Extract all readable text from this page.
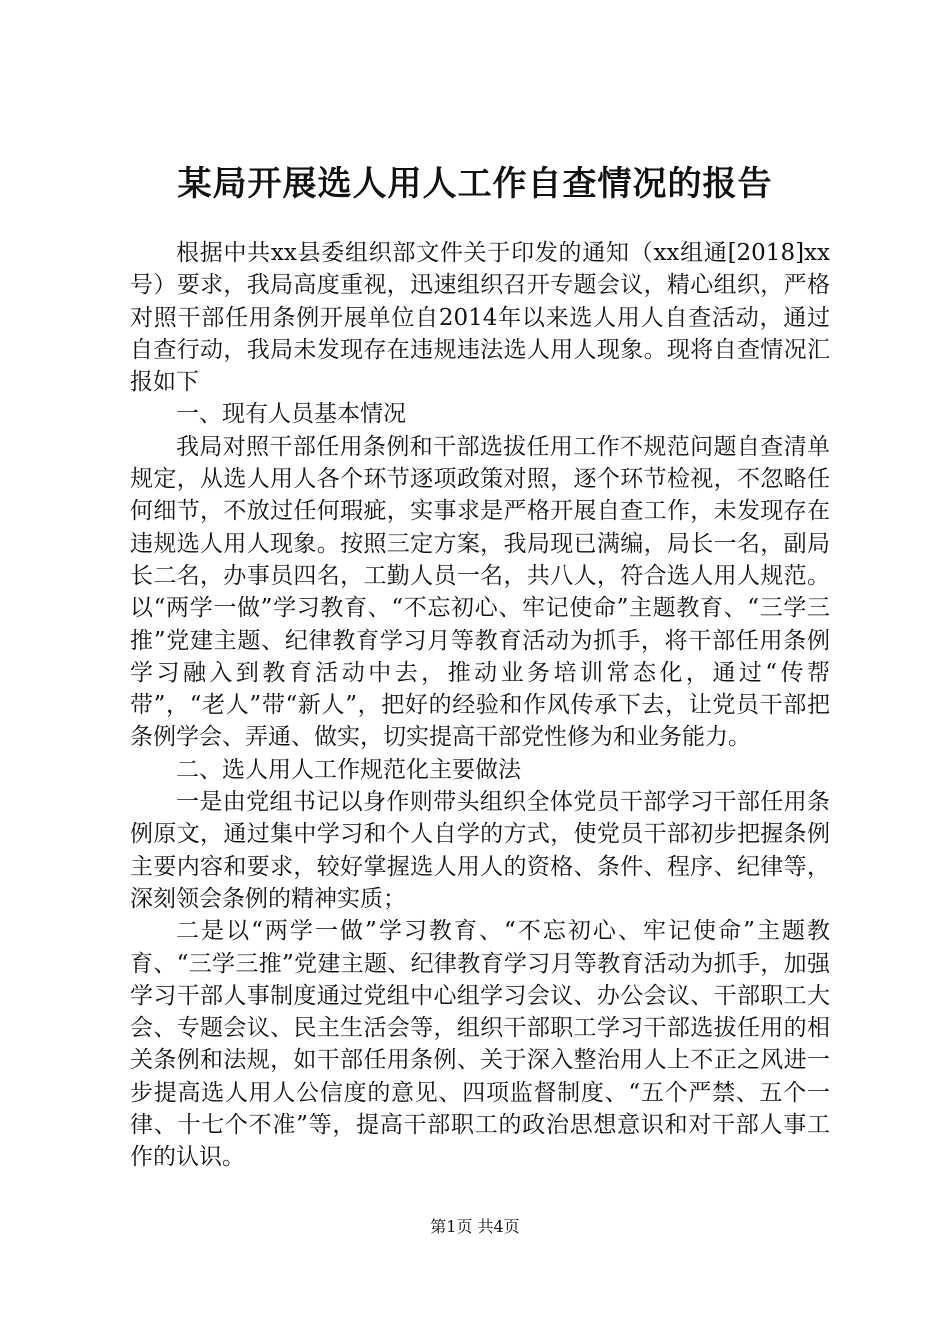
某局开展选人用人工作自查情况的报告

根据中共xx县委组织部文件关于印发的通知（xx组通[2018]xx号）要求，我局高度重视，迅速组织召开专题会议，精心组织，严格对照干部任用条例开展单位自2014年以来选人用人自查活动，通过自查行动，我局未发现存在违规违法选人用人现象。现将自查情况汇报如下

一、现有人员基本情况

我局对照干部任用条例和干部选拔任用工作不规范问题自查清单规定，从选人用人各个环节逐项政策对照，逐个环节检视，不忽略任何细节，不放过任何瑕疵，实事求是严格开展自查工作，未发现存在违规选人用人现象。按照三定方案，我局现已满编，局长一名，副局长二名，办事员四名，工勤人员一名，共八人，符合选人用人规范。以“两学一做”学习教育、“不忘初心、牢记使命”主题教育、“三学三推”党建主题、纪律教育学习月等教育活动为抓手，将干部任用条例学习融入到教育活动中去，推动业务培训常态化，通过“传帮带”，“老人”带“新人”，把好的经验和作风传承下去，让党员干部把条例学会、弄通、做实，切实提高干部党性修为和业务能力。

二、选人用人工作规范化主要做法

一是由党组书记以身作则带头组织全体党员干部学习干部任用条例原文，通过集中学习和个人自学的方式，使党员干部初步把握条例主要内容和要求，较好掌握选人用人的资格、条件、程序、纪律等，深刻领会条例的精神实质；

二是以“两学一做”学习教育、“不忘初心、牢记使命”主题教育、“三学三推”党建主题、纪律教育学习月等教育活动为抓手，加强学习干部人事制度通过党组中心组学习会议、办公会议、干部职工大会、专题会议、民主生活会等，组织干部职工学习干部选拔任用的相关条例和法规，如干部任用条例、关于深入整治用人上不正之风进一步提高选人用人公信度的意见、四项监督制度、“五个严禁、五个一律、十七个不准”等，提高干部职工的政治思想意识和对干部人事工作的认识。

第1页 共4页
